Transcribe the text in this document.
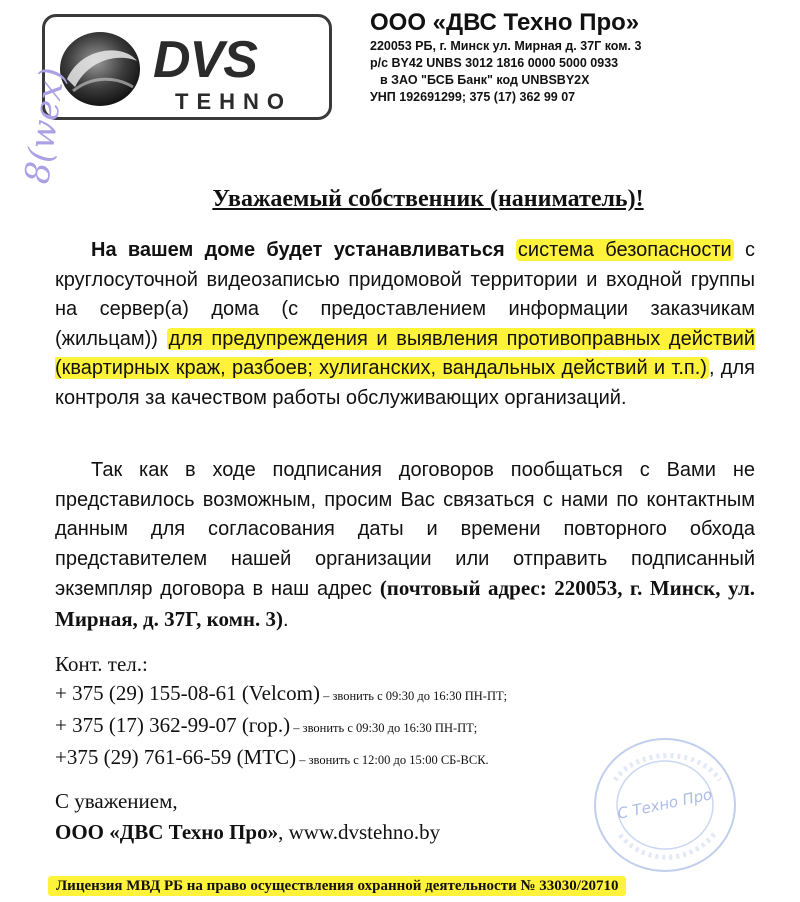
DVS
TEHNO
ООО «ДВС Техно Про»
220053 РБ, г. Минск ул. Мирная д. 37Г ком. 3
р/с BY42 UNBS 3012 1816 0000 5000 0933
в ЗАО "БСБ Банк" код UNBSBY2X
УНП 192691299; 375 (17) 362 99 07
8(wex)
Уважаемый собственник (наниматель)!
На вашем доме будет устанавливаться система безопасности с круглосуточной видеозаписью придомовой территории и входной группы на сервер(а) дома (с предоставлением информации заказчикам (жильцам)) для предупреждения и выявления противоправных действий (квартирных краж, разбоев; хулиганских, вандальных действий и т.п.) , для контроля за качеством работы обслуживающих организаций.
Так как в ходе подписания договоров пообщаться с Вами не представилось возможным, просим Вас связаться с нами по контактным данным для согласования даты и времени повторного обхода представителем нашей организации или отправить подписанный экземпляр договора в наш адрес (почтовый адрес: 220053, г. Минск, ул. Мирная, д. 37Г, комн. 3).
Конт. тел.:
+ 375 (29) 155-08-61 (Velcom) – звонить с 09:30 до 16:30 ПН-ПТ;
+ 375 (17) 362-99-07 (гор.) – звонить с 09:30 до 16:30 ПН-ПТ;
+375 (29) 761-66-59 (МТС) – звонить с 12:00 до 15:00 СБ-ВСК.
С уважением,
ООО «ДВС Техно Про», www.dvstehno.by
С Техно Про
Лицензия МВД РБ на право осуществления охранной деятельности № 33030/20710
